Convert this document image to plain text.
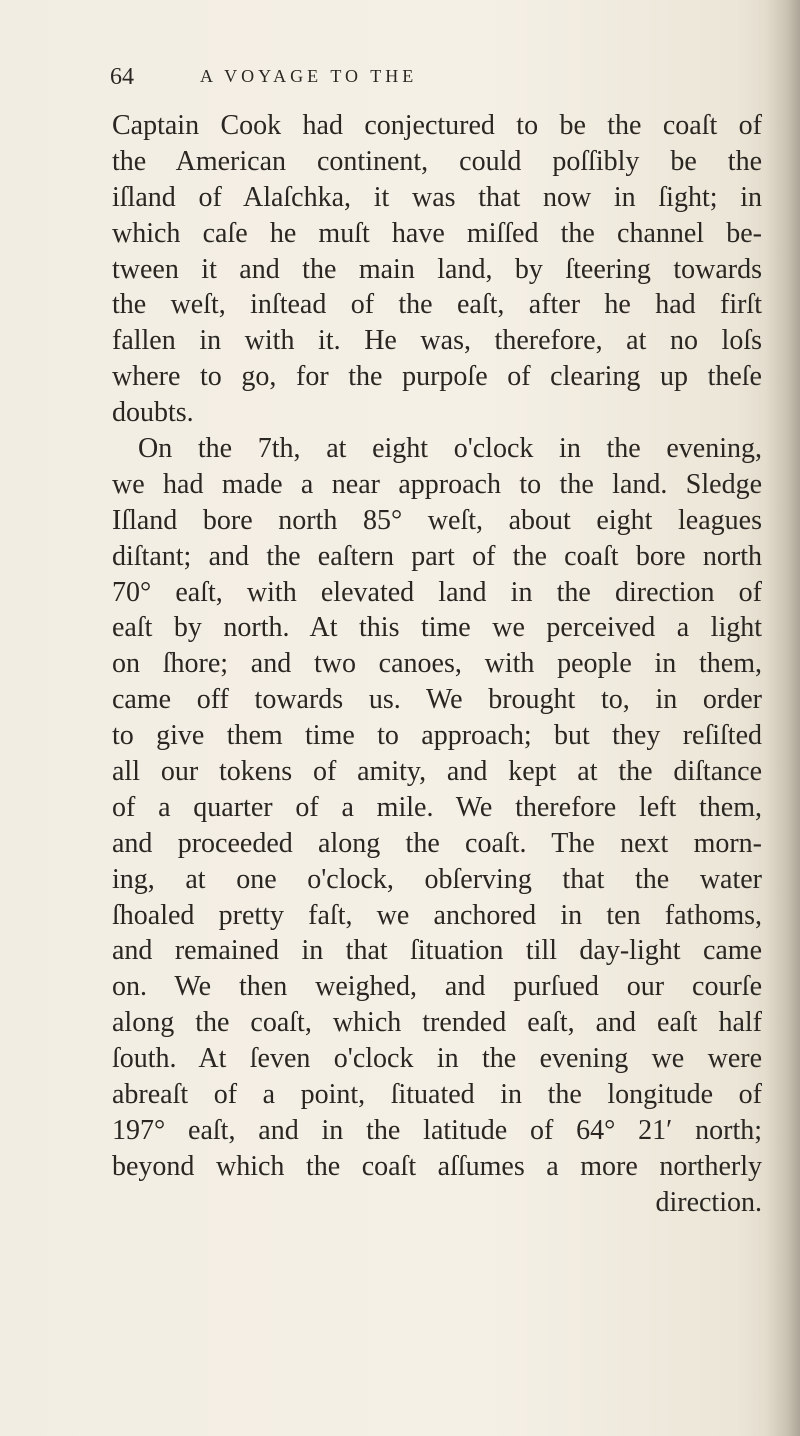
64	A VOYAGE TO THE
Captain Cook had conjectured to be the coaſt of
the American continent, could poſſibly be the
iſland of Alaſchka, it was that now in ſight; in
which caſe he muſt have miſſed the channel be-
tween it and the main land, by ſteering towards
the weſt, inſtead of the eaſt, after he had firſt
fallen in with it. He was, therefore, at no loſs
where to go, for the purpoſe of clearing up theſe
doubts.
On the 7th, at eight o'clock in the evening,
we had made a near approach to the land. Sledge
Iſland bore north 85° weſt, about eight leagues
diſtant; and the eaſtern part of the coaſt bore north
70° eaſt, with elevated land in the direction of
eaſt by north. At this time we perceived a light
on ſhore; and two canoes, with people in them,
came off towards us. We brought to, in order
to give them time to approach; but they reſiſted
all our tokens of amity, and kept at the diſtance
of a quarter of a mile. We therefore left them,
and proceeded along the coaſt. The next morn-
ing, at one o'clock, obſerving that the water
ſhoaled pretty faſt, we anchored in ten fathoms,
and remained in that ſituation till day-light came
on. We then weighed, and purſued our courſe
along the coaſt, which trended eaſt, and eaſt half
ſouth. At ſeven o'clock in the evening we were
abreaſt of a point, ſituated in the longitude of
197° eaſt, and in the latitude of 64° 21′ north;
beyond which the coaſt aſſumes a more northerly
direction.
